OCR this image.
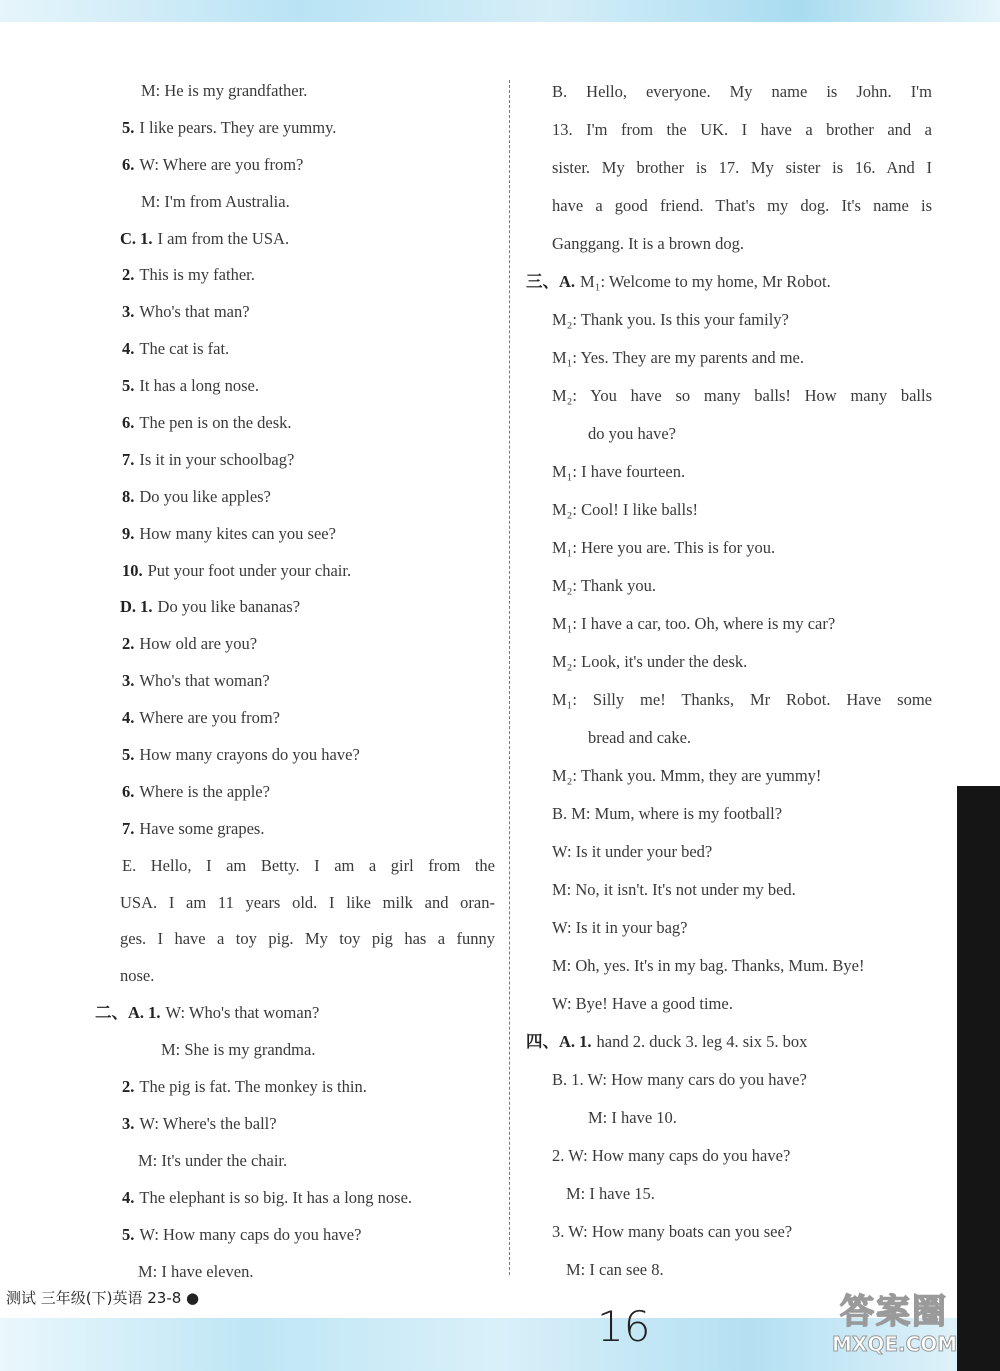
M: He is my grandfather.
5. I like pears. They are yummy.
6. W: Where are you from?
M: I'm from Australia.
C. 1. I am from the USA.
2. This is my father.
3. Who's that man?
4. The cat is fat.
5. It has a long nose.
6. The pen is on the desk.
7. Is it in your schoolbag?
8. Do you like apples?
9. How many kites can you see?
10. Put your foot under your chair.
D. 1. Do you like bananas?
2. How old are you?
3. Who's that woman?
4. Where are you from?
5. How many crayons do you have?
6. Where is the apple?
7. Have some grapes.
E. Hello, I am Betty. I am a girl from the
USA. I am 11 years old. I like milk and oran-
ges. I have a toy pig. My toy pig has a funny
nose.
二、A. 1. W: Who's that woman?
M: She is my grandma.
2. The pig is fat. The monkey is thin.
3. W: Where's the ball?
M: It's under the chair.
4. The elephant is so big. It has a long nose.
5. W: How many caps do you have?
M: I have eleven.
B. Hello, everyone. My name is John. I'm
13. I'm from the UK. I have a brother and a
sister. My brother is 17. My sister is 16. And I
have a good friend. That's my dog. It's name is
Ganggang. It is a brown dog.
三、A. M₁: Welcome to my home, Mr Robot.
M₂: Thank you. Is this your family?
M₁: Yes. They are my parents and me.
M₂: You have so many balls! How many balls
do you have?
M₁: I have fourteen.
M₂: Cool! I like balls!
M₁: Here you are. This is for you.
M₂: Thank you.
M₁: I have a car, too. Oh, where is my car?
M₂: Look, it's under the desk.
M₁: Silly me! Thanks, Mr Robot. Have some
bread and cake.
M₂: Thank you. Mmm, they are yummy!
B. M: Mum, where is my football?
W: Is it under your bed?
M: No, it isn't. It's not under my bed.
W: Is it in your bag?
M: Oh, yes. It's in my bag. Thanks, Mum. Bye!
W: Bye! Have a good time.
四、A. 1. hand 2. duck 3. leg 4. six 5. box
B. 1. W: How many cars do you have?
M: I have 10.
2. W: How many caps do you have?
M: I have 15.
3. W: How many boats can you see?
M: I can see 8.
测试 三年级(下)英语 23-8 ●
16	答案圈
MXQE.COM
